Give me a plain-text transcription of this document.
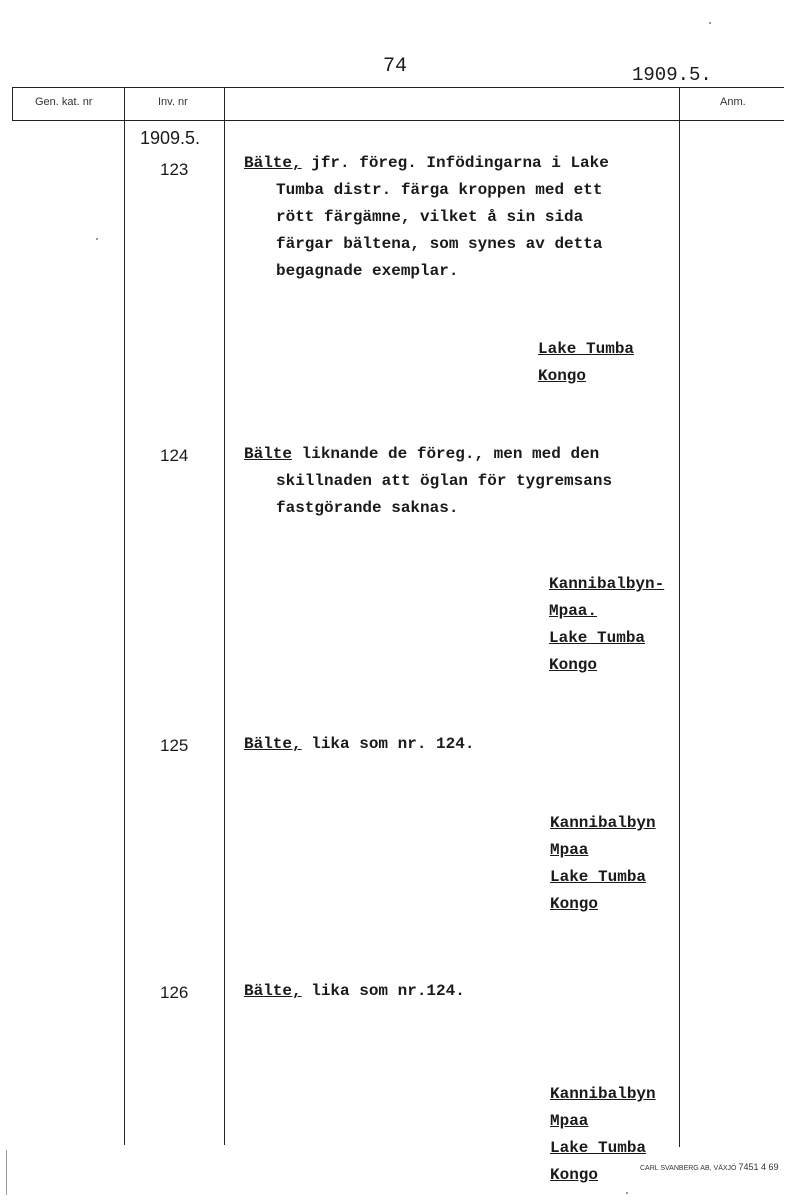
74	1909.5.
Gen. kat. nr	Inv. nr	Anm.
1909.5.
123	Bälte, jfr. föreg. Infödingarna i Lake
Tumba distr. färga kroppen med ett
rött färgämne, vilket å sin sida
färgar bältena, som synes av detta
begagnade exemplar.
Lake Tumba
Kongo
124	Bälte liknande de föreg., men med den
skillnaden att öglan för tygremsans
fastgörande saknas.
Kannibalbyn-
Mpaa.
Lake Tumba
Kongo
125	Bälte, lika som nr. 124.
Kannibalbyn
Mpaa
Lake Tumba
Kongo
126	Bälte, lika som nr.124.
Kannibalbyn
Mpaa
Lake Tumba
Kongo	CARL SVANBERG AB, VÄXJÖ 7451 4 69
